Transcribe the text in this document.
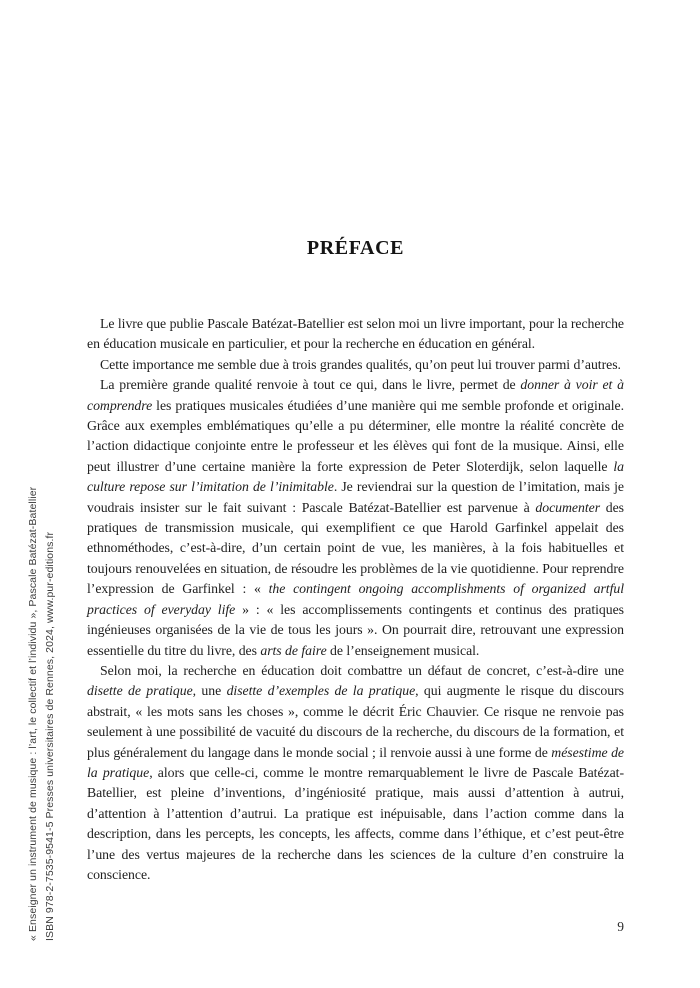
« Enseigner un instrument de musique : l’art, le collectif et l’individu », Pascale Batézat-Batellier ISBN 978-2-7535-9541-5 Presses universitaires de Rennes, 2024, www.pur-editions.fr
PRÉFACE

Le livre que publie Pascale Batézat-Batellier est selon moi un livre important, pour la recherche en éducation musicale en particulier, et pour la recherche en éducation en général.

Cette importance me semble due à trois grandes qualités, qu’on peut lui trouver parmi d’autres.

La première grande qualité renvoie à tout ce qui, dans le livre, permet de donner à voir et à comprendre les pratiques musicales étudiées d’une manière qui me semble profonde et originale. Grâce aux exemples emblématiques qu’elle a pu déterminer, elle montre la réalité concrète de l’action didactique conjointe entre le professeur et les élèves qui font de la musique. Ainsi, elle peut illustrer d’une certaine manière la forte expression de Peter Sloterdijk, selon laquelle la culture repose sur l’imitation de l’inimitable. Je reviendrai sur la question de l’imitation, mais je voudrais insister sur le fait suivant : Pascale Batézat-Batellier est parvenue à documenter des pratiques de transmission musicale, qui exemplifient ce que Harold Garfinkel appelait des ethnométhodes, c’est-à-dire, d’un certain point de vue, les manières, à la fois habituelles et toujours renouvelées en situation, de résoudre les problèmes de la vie quotidienne. Pour reprendre l’expression de Garfinkel : « the contingent ongoing accomplishments of organized artful practices of everyday life » : « les accomplissements contingents et continus des pratiques ingénieuses organisées de la vie de tous les jours ». On pourrait dire, retrouvant une expression essentielle du titre du livre, des arts de faire de l’enseignement musical.

Selon moi, la recherche en éducation doit combattre un défaut de concret, c’est-à-dire une disette de pratique, une disette d’exemples de la pratique, qui augmente le risque du discours abstrait, « les mots sans les choses », comme le décrit Éric Chauvier. Ce risque ne renvoie pas seulement à une possibilité de vacuité du discours de la recherche, du discours de la formation, et plus généralement du langage dans le monde social ; il renvoie aussi à une forme de mésestime de la pratique, alors que celle-ci, comme le montre remarquablement le livre de Pascale Batézat-Batellier, est pleine d’inventions, d’ingéniosité pratique, mais aussi d’attention à autrui, d’attention à l’attention d’autrui. La pratique est inépuisable, dans l’action comme dans la description, dans les percepts, les concepts, les affects, comme dans l’éthique, et c’est peut-être l’une des vertus majeures de la recherche dans les sciences de la culture d’en construire la conscience.

9
